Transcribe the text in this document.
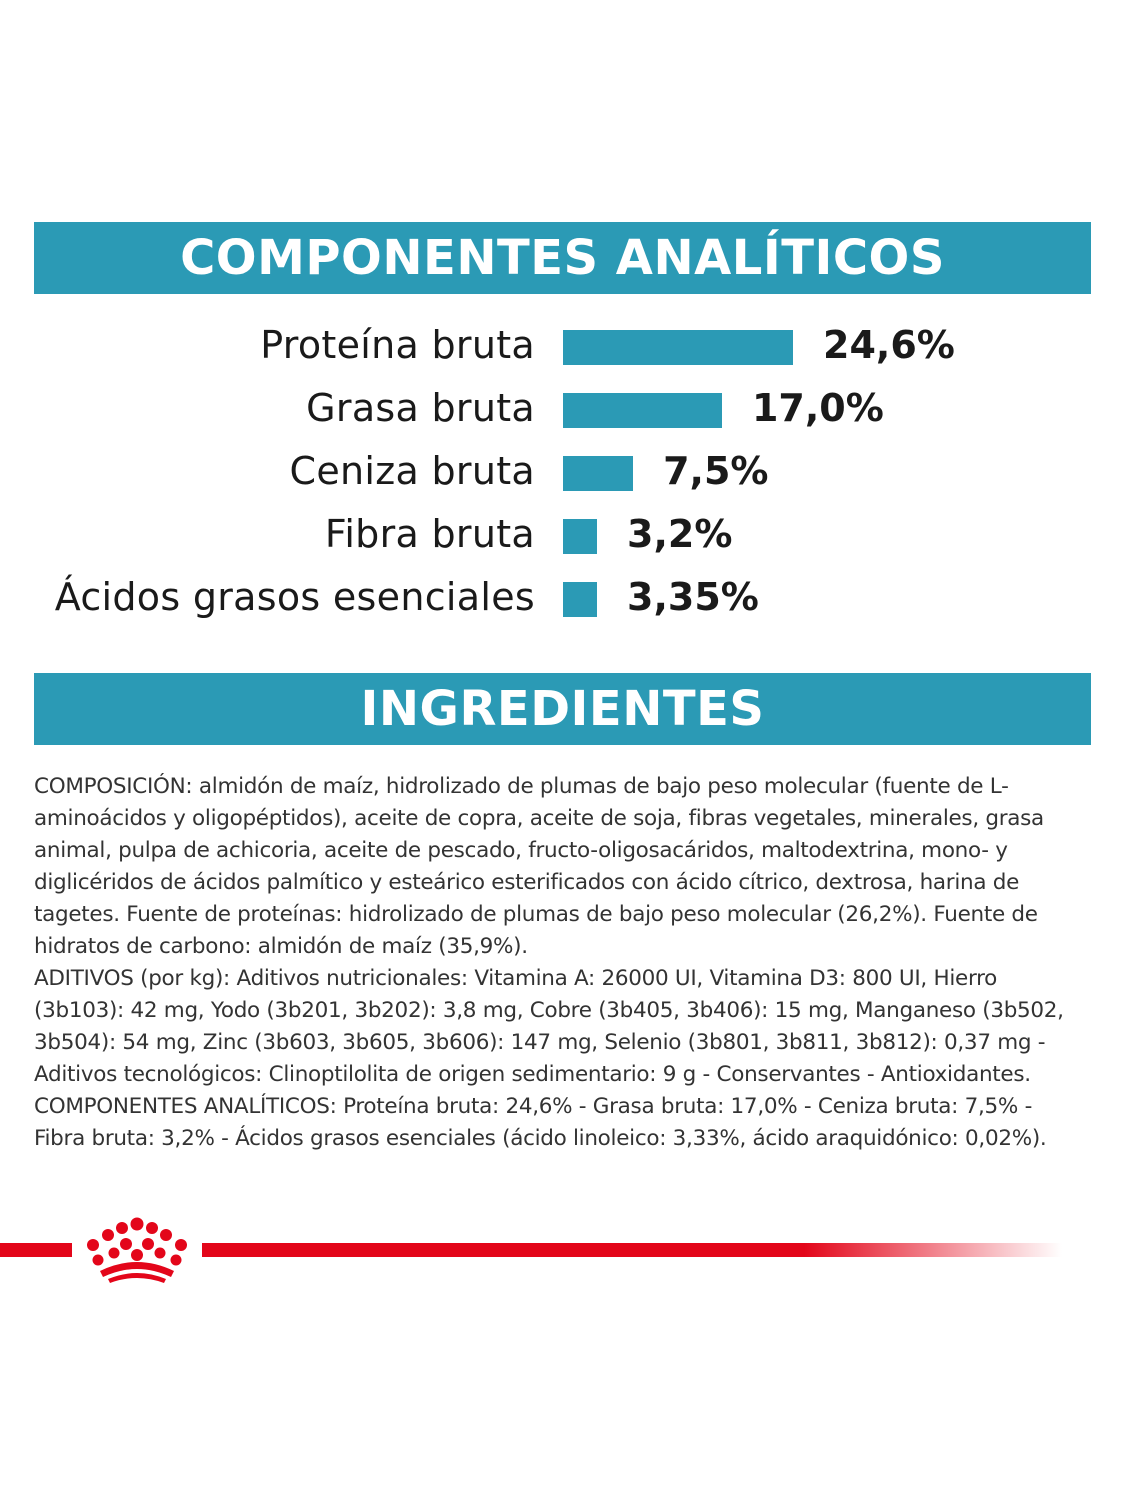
COMPONENTES ANALÍTICOS
Proteína bruta	24,6%
Grasa bruta	17,0%
Ceniza bruta	7,5%
Fibra bruta 3,2%
Ácidos grasos esenciales 3,35%
INGREDIENTES

COMPOSICIÓN: almidón de maíz, hidrolizado de plumas de bajo peso molecular (fuente de L-aminoácidos y oligopéptidos), aceite de copra, aceite de soja, fibras vegetales, minerales, grasa animal, pulpa de achicoria, aceite de pescado, fructo-oligosacáridos, maltodextrina, mono- y diglicéridos de ácidos palmítico y esteárico esterificados con ácido cítrico, dextrosa, harina de tagetes. Fuente de proteínas: hidrolizado de plumas de bajo peso molecular (26,2%). Fuente de hidratos de carbono: almidón de maíz (35,9%).

ADITIVOS (por kg): Aditivos nutricionales: Vitamina A: 26000 UI, Vitamina D3: 800 UI, Hierro (3b103): 42 mg, Yodo (3b201, 3b202): 3,8 mg, Cobre (3b405, 3b406): 15 mg, Manganeso (3b502, 3b504): 54 mg, Zinc (3b603, 3b605, 3b606): 147 mg, Selenio (3b801, 3b811, 3b812): 0,37 mg - Aditivos tecnológicos: Clinoptilolita de origen sedimentario: 9 g - Conservantes - Antioxidantes.

COMPONENTES ANALÍTICOS: Proteína bruta: 24,6% - Grasa bruta: 17,0% - Ceniza bruta: 7,5% - Fibra bruta: 3,2% - Ácidos grasos esenciales (ácido linoleico: 3,33%, ácido araquidónico: 0,02%).
